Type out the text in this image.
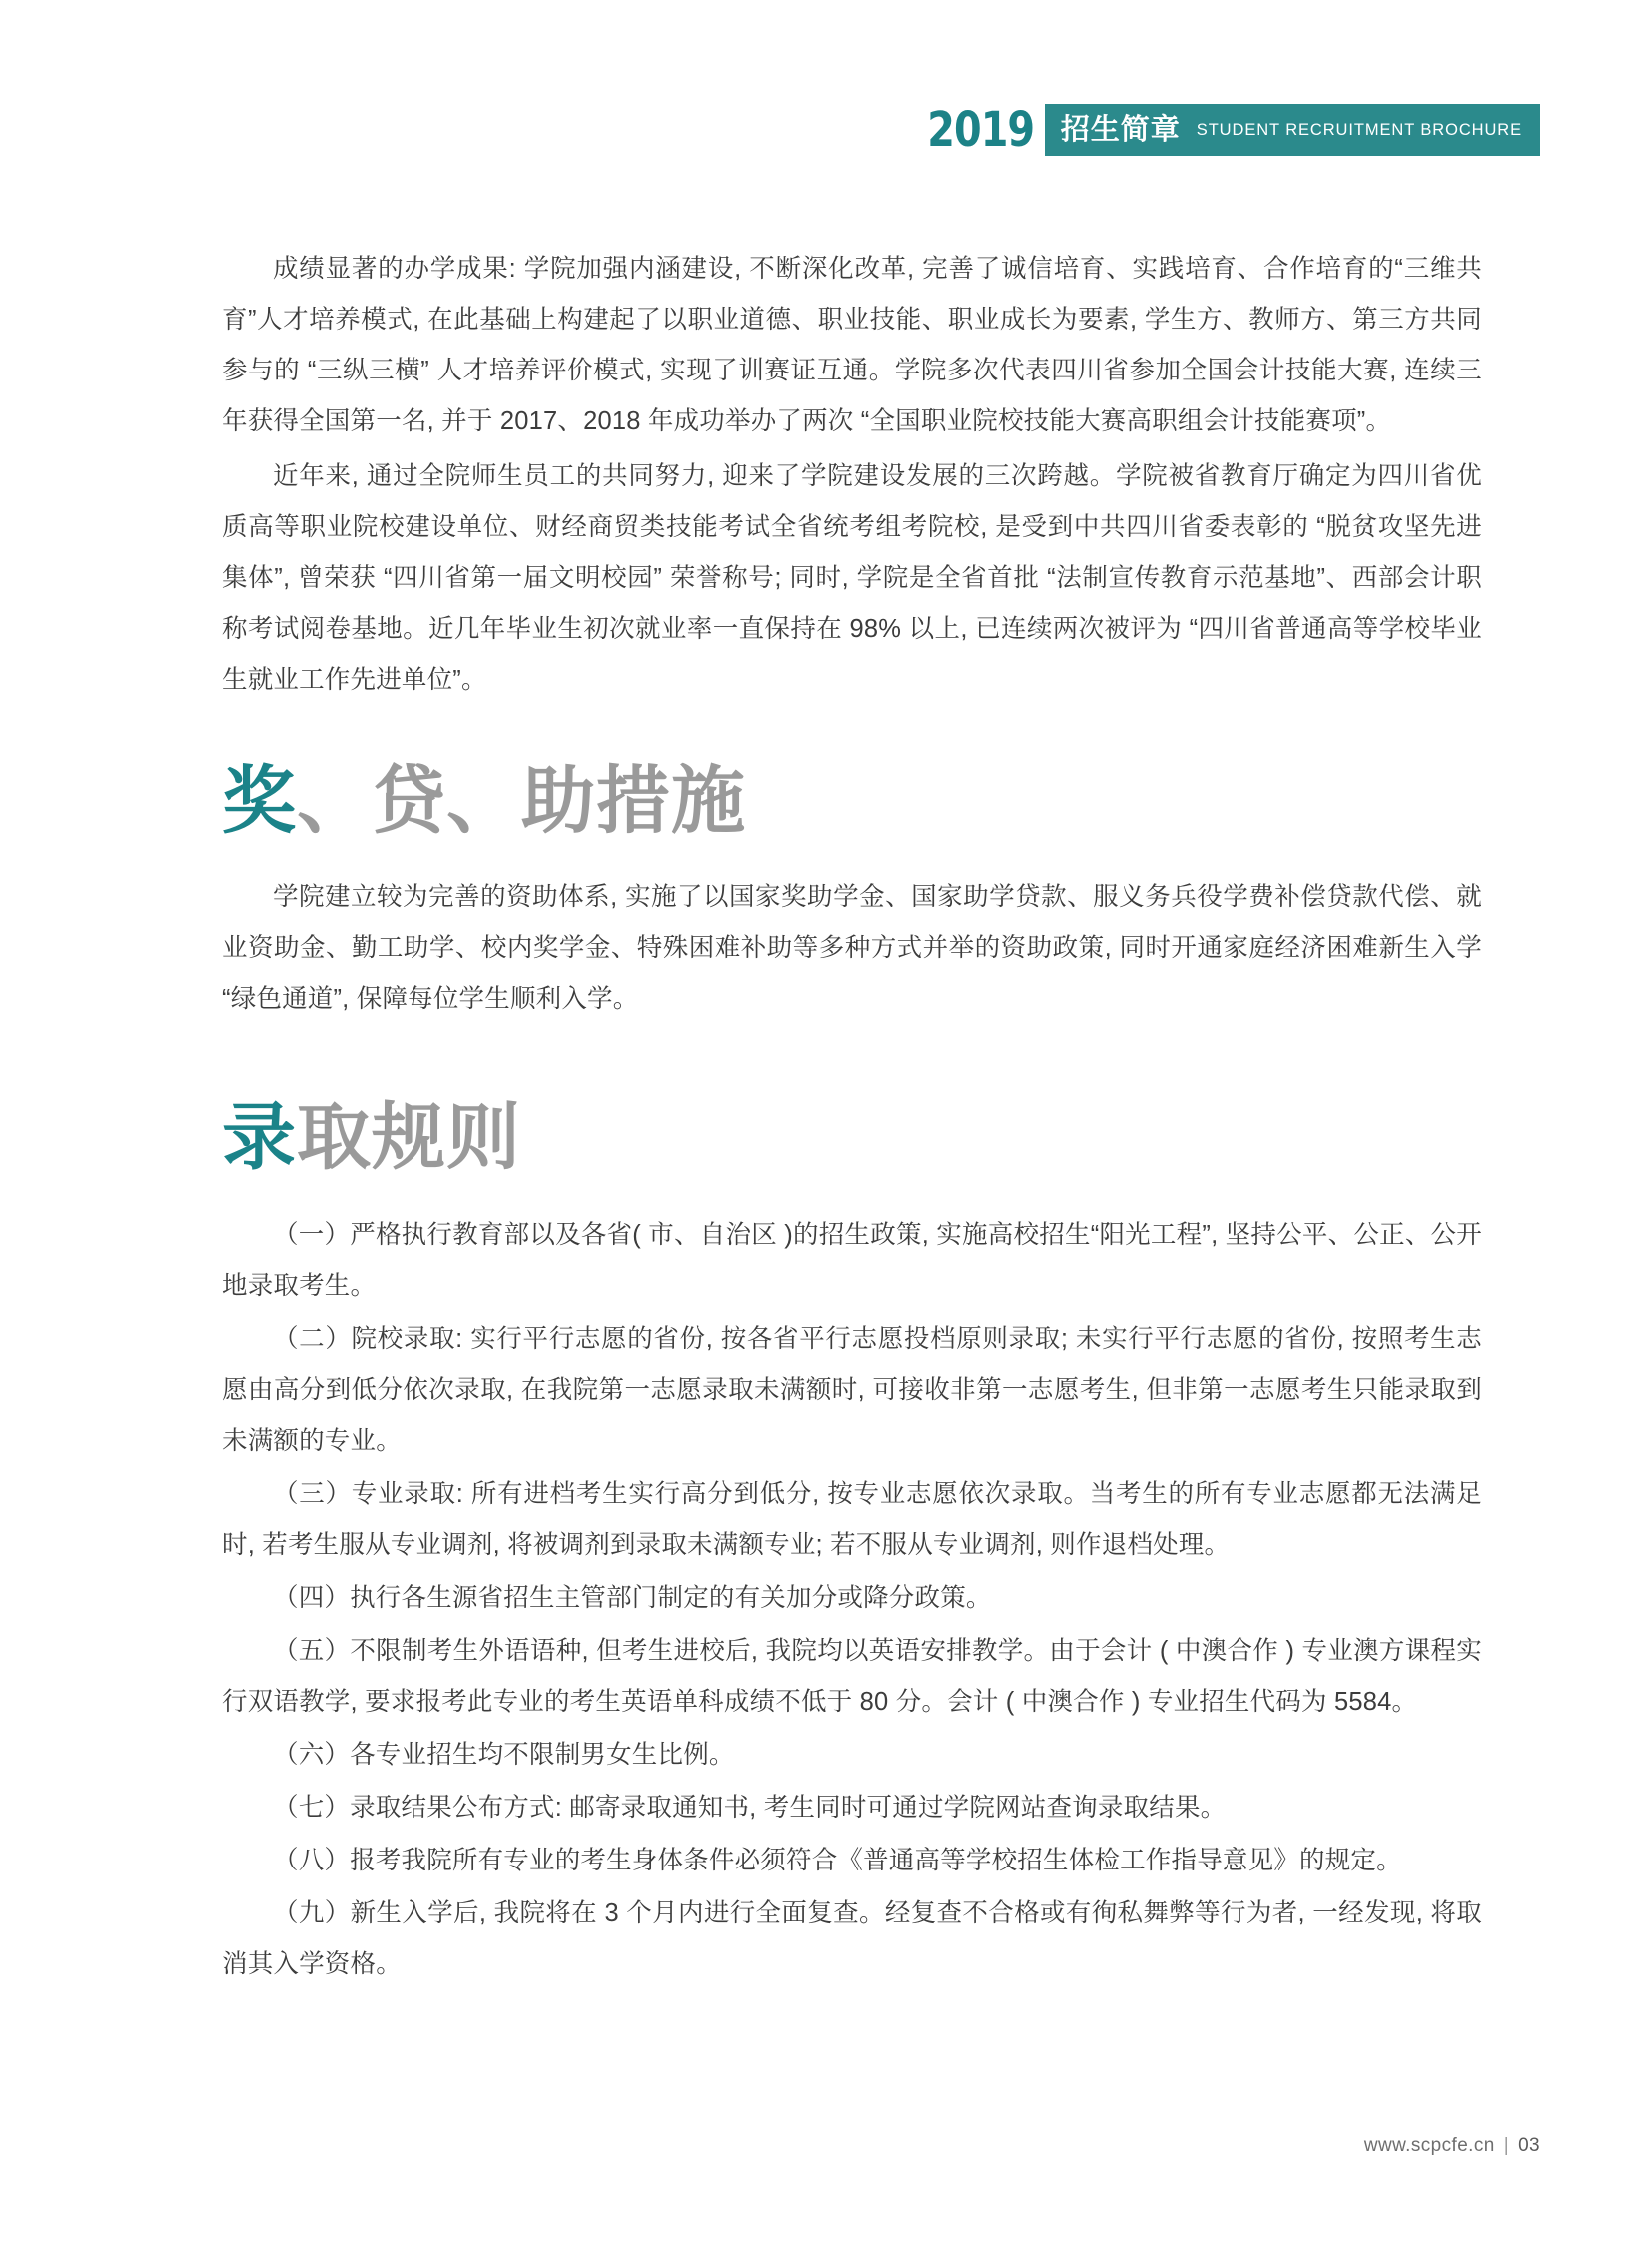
2019 招生简章 STUDENT RECRUITMENT BROCHURE

成绩显著的办学成果: 学院加强内涵建设, 不断深化改革, 完善了诚信培育、实践培育、合作培育的“三维共育”人才培养模式, 在此基础上构建起了以职业道德、职业技能、职业成长为要素, 学生方、教师方、第三方共同参与的 “三纵三横” 人才培养评价模式, 实现了训赛证互通。学院多次代表四川省参加全国会计技能大赛, 连续三年获得全国第一名, 并于 2017、2018 年成功举办了两次 “全国职业院校技能大赛高职组会计技能赛项”。

近年来, 通过全院师生员工的共同努力, 迎来了学院建设发展的三次跨越。学院被省教育厅确定为四川省优质高等职业院校建设单位、财经商贸类技能考试全省统考组考院校, 是受到中共四川省委表彰的 “脱贫攻坚先进集体”, 曾荣获 “四川省第一届文明校园” 荣誉称号; 同时, 学院是全省首批 “法制宣传教育示范基地”、西部会计职称考试阅卷基地。近几年毕业生初次就业率一直保持在 98% 以上, 已连续两次被评为 “四川省普通高等学校毕业生就业工作先进单位”。

奖、贷、助措施

学院建立较为完善的资助体系, 实施了以国家奖助学金、国家助学贷款、服义务兵役学费补偿贷款代偿、就业资助金、勤工助学、校内奖学金、特殊困难补助等多种方式并举的资助政策, 同时开通家庭经济困难新生入学 “绿色通道”, 保障每位学生顺利入学。

录取规则
（一）严格执行教育部以及各省( 市、自治区 )的招生政策, 实施高校招生“阳光工程”, 坚持公平、公正、公开地录取考生。
（二）院校录取: 实行平行志愿的省份, 按各省平行志愿投档原则录取; 未实行平行志愿的省份, 按照考生志愿由高分到低分依次录取, 在我院第一志愿录取未满额时, 可接收非第一志愿考生, 但非第一志愿考生只能录取到未满额的专业。
（三）专业录取: 所有进档考生实行高分到低分, 按专业志愿依次录取。当考生的所有专业志愿都无法满足时, 若考生服从专业调剂, 将被调剂到录取未满额专业; 若不服从专业调剂, 则作退档处理。
（四）执行各生源省招生主管部门制定的有关加分或降分政策。
（五）不限制考生外语语种, 但考生进校后, 我院均以英语安排教学。由于会计 ( 中澳合作 ) 专业澳方课程实行双语教学, 要求报考此专业的考生英语单科成绩不低于 80 分。会计 ( 中澳合作 ) 专业招生代码为 5584。
（六）各专业招生均不限制男女生比例。
（七）录取结果公布方式: 邮寄录取通知书, 考生同时可通过学院网站查询录取结果。
（八）报考我院所有专业的考生身体条件必须符合《普通高等学校招生体检工作指导意见》的规定。
（九）新生入学后, 我院将在 3 个月内进行全面复查。经复查不合格或有徇私舞弊等行为者, 一经发现, 将取消其入学资格。
www.scpcfe.cn | 03
